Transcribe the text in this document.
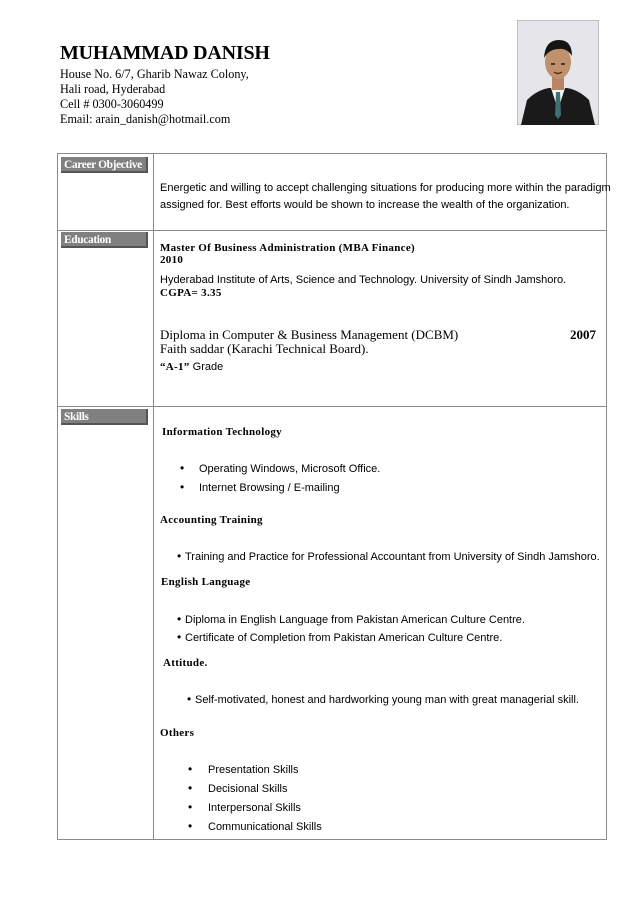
MUHAMMAD DANISH
House No. 6/7, Gharib Nawaz Colony,
Hali road, Hyderabad
Cell # 0300-3060499
Email: arain_danish@hotmail.com
Career Objective
Energetic and willing to accept challenging situations for producing more within the paradigm
assigned for. Best efforts would be shown to increase the wealth of the organization.
Education
Master Of Business Administration (MBA Finance)
2010
Hyderabad Institute of Arts, Science and Technology. University of Sindh Jamshoro.
CGPA= 3.35
Diploma in Computer & Business Management (DCBM)	2007
Faith saddar (Karachi Technical Board).
“A-1” Grade
Skills
Information Technology
• Operating Windows, Microsoft Office.
• Internet Browsing / E-mailing
Accounting Training
• Training and Practice for Professional Accountant from University of Sindh Jamshoro.
English Language
• Diploma in English Language from Pakistan American Culture Centre.
• Certificate of Completion from Pakistan American Culture Centre.
Attitude.
• Self-motivated, honest and hardworking young man with great managerial skill.
Others
• Presentation Skills
• Decisional Skills
• Interpersonal Skills
• Communicational Skills
